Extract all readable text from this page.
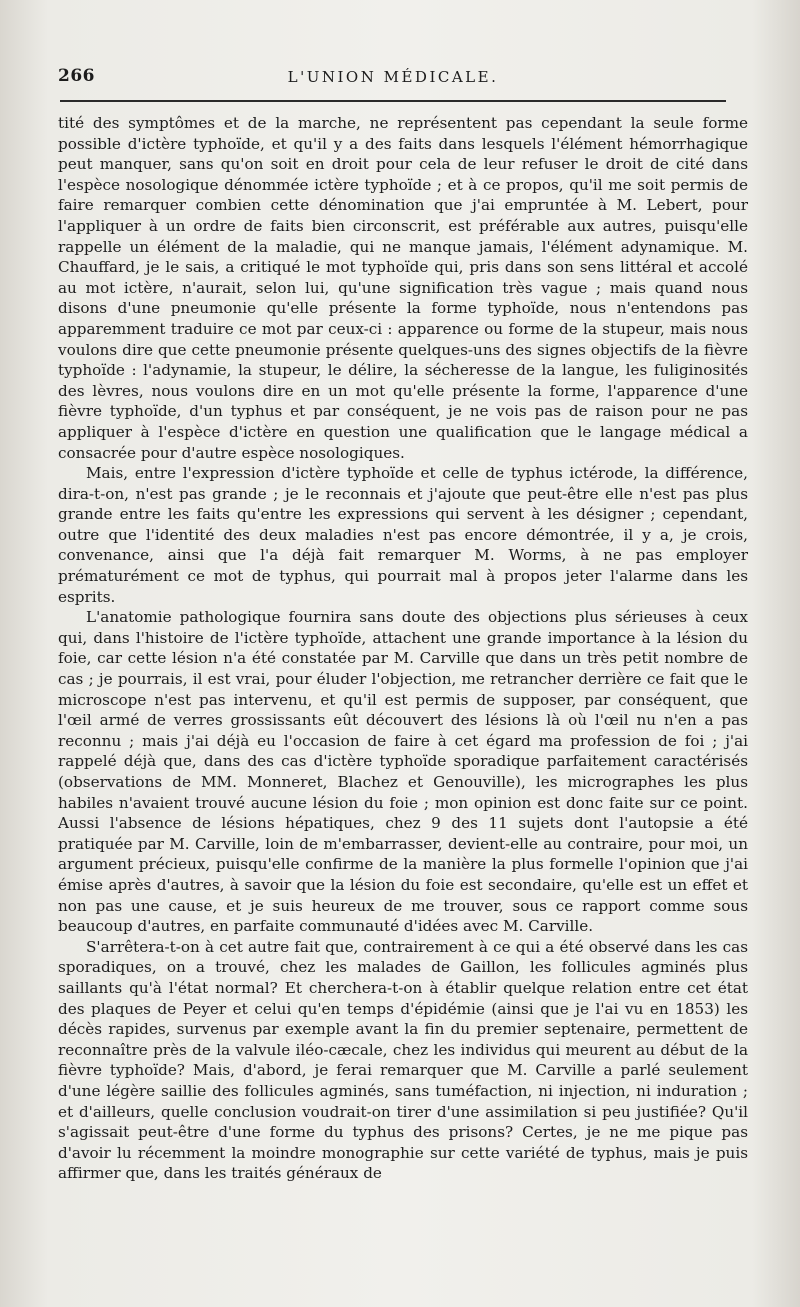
266	L'UNION MÉDICALE.

tité des symptômes et de la marche, ne représentent pas cependant la seule forme possible d'ictère typhoïde, et qu'il y a des faits dans lesquels l'élément hémorrhagique peut manquer, sans qu'on soit en droit pour cela de leur refuser le droit de cité dans l'espèce nosologique dénommée ictère typhoïde ; et à ce propos, qu'il me soit permis de faire remarquer combien cette dénomination que j'ai empruntée à M. Lebert, pour l'appliquer à un ordre de faits bien circonscrit, est préférable aux autres, puisqu'elle rappelle un élément de la maladie, qui ne manque jamais, l'élément adynamique. M. Chauffard, je le sais, a critiqué le mot typhoïde qui, pris dans son sens littéral et accolé au mot ictère, n'aurait, selon lui, qu'une signification très vague ; mais quand nous disons d'une pneumonie qu'elle présente la forme typhoïde, nous n'entendons pas apparemment traduire ce mot par ceux-ci : apparence ou forme de la stupeur, mais nous voulons dire que cette pneumonie présente quelques-uns des signes objectifs de la fièvre typhoïde : l'adynamie, la stupeur, le délire, la sécheresse de la langue, les fuliginosités des lèvres, nous voulons dire en un mot qu'elle présente la forme, l'apparence d'une fièvre typhoïde, d'un typhus et par conséquent, je ne vois pas de raison pour ne pas appliquer à l'espèce d'ictère en question une qualification que le langage médical a consacrée pour d'autre espèce nosologiques.

Mais, entre l'expression d'ictère typhoïde et celle de typhus ictérode, la différence, dira-t-on, n'est pas grande ; je le reconnais et j'ajoute que peut-être elle n'est pas plus grande entre les faits qu'entre les expressions qui servent à les désigner ; cependant, outre que l'identité des deux maladies n'est pas encore démontrée, il y a, je crois, convenance, ainsi que l'a déjà fait remarquer M. Worms, à ne pas employer prématurément ce mot de typhus, qui pourrait mal à propos jeter l'alarme dans les esprits.

L'anatomie pathologique fournira sans doute des objections plus sérieuses à ceux qui, dans l'histoire de l'ictère typhoïde, attachent une grande importance à la lésion du foie, car cette lésion n'a été constatée par M. Carville que dans un très petit nombre de cas ; je pourrais, il est vrai, pour éluder l'objection, me retrancher derrière ce fait que le microscope n'est pas intervenu, et qu'il est permis de supposer, par conséquent, que l'œil armé de verres grossissants eût découvert des lésions là où l'œil nu n'en a pas reconnu ; mais j'ai déjà eu l'occasion de faire à cet égard ma profession de foi ; j'ai rappelé déjà que, dans des cas d'ictère typhoïde sporadique parfaitement caractérisés (observations de MM. Monneret, Blachez et Genouville), les micrographes les plus habiles n'avaient trouvé aucune lésion du foie ; mon opinion est donc faite sur ce point. Aussi l'absence de lésions hépatiques, chez 9 des 11 sujets dont l'autopsie a été pratiquée par M. Carville, loin de m'embarrasser, devient-elle au contraire, pour moi, un argument précieux, puisqu'elle confirme de la manière la plus formelle l'opinion que j'ai émise après d'autres, à savoir que la lésion du foie est secondaire, qu'elle est un effet et non pas une cause, et je suis heureux de me trouver, sous ce rapport comme sous beaucoup d'autres, en parfaite communauté d'idées avec M. Carville.

S'arrêtera-t-on à cet autre fait que, contrairement à ce qui a été observé dans les cas sporadiques, on a trouvé, chez les malades de Gaillon, les follicules agminés plus saillants qu'à l'état normal? Et cherchera-t-on à établir quelque relation entre cet état des plaques de Peyer et celui qu'en temps d'épidémie (ainsi que je l'ai vu en 1853) les décès rapides, survenus par exemple avant la fin du premier septenaire, permettent de reconnaître près de la valvule iléo-cæcale, chez les individus qui meurent au début de la fièvre typhoïde? Mais, d'abord, je ferai remarquer que M. Carville a parlé seulement d'une légère saillie des follicules agminés, sans tuméfaction, ni injection, ni induration ; et d'ailleurs, quelle conclusion voudrait-on tirer d'une assimilation si peu justifiée? Qu'il s'agissait peut-être d'une forme du typhus des prisons? Certes, je ne me pique pas d'avoir lu récemment la moindre monographie sur cette variété de typhus, mais je puis affirmer que, dans les traités généraux de
